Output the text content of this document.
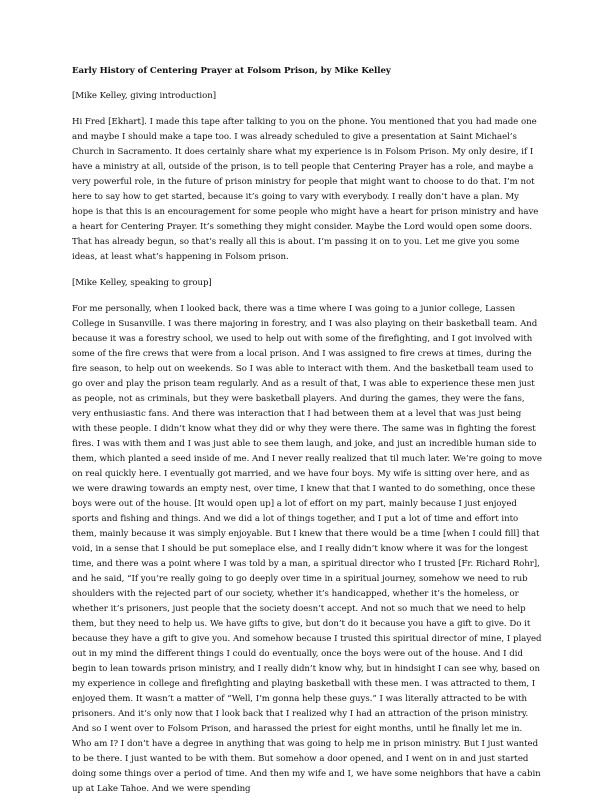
Early History of Centering Prayer at Folsom Prison, by Mike Kelley
[Mike Kelley, giving introduction]
Hi Fred [Ekhart]. I made this tape after talking to you on the phone. You mentioned that you had made one and maybe I should make a tape too. I was already scheduled to give a presentation at Saint Michael’s Church in Sacramento. It does certainly share what my experience is in Folsom Prison. My only desire, if I have a ministry at all, outside of the prison, is to tell people that Centering Prayer has a role, and maybe a very powerful role, in the future of prison ministry for people that might want to choose to do that. I’m not here to say how to get started, because it’s going to vary with everybody. I really don’t have a plan. My hope is that this is an encouragement for some people who might have a heart for prison ministry and have a heart for Centering Prayer. It’s something they might consider. Maybe the Lord would open some doors. That has already begun, so that’s really all this is about. I’m passing it on to you. Let me give you some ideas, at least what’s happening in Folsom prison.
[Mike Kelley, speaking to group]
For me personally, when I looked back, there was a time where I was going to a junior college, Lassen College in Susanville. I was there majoring in forestry, and I was also playing on their basketball team. And because it was a forestry school, we used to help out with some of the firefighting, and I got involved with some of the fire crews that were from a local prison. And I was assigned to fire crews at times, during the fire season, to help out on weekends. So I was able to interact with them. And the basketball team used to go over and play the prison team regularly. And as a result of that, I was able to experience these men just as people, not as criminals, but they were basketball players. And during the games, they were the fans, very enthusiastic fans. And there was interaction that I had between them at a level that was just being with these people. I didn’t know what they did or why they were there. The same was in fighting the forest fires. I was with them and I was just able to see them laugh, and joke, and just an incredible human side to them, which planted a seed inside of me. And I never really realized that til much later. We’re going to move on real quickly here. I eventually got married, and we have four boys. My wife is sitting over here, and as we were drawing towards an empty nest, over time, I knew that that I wanted to do something, once these boys were out of the house. [It would open up] a lot of effort on my part, mainly because I just enjoyed sports and fishing and things. And we did a lot of things together, and I put a lot of time and effort into them, mainly because it was simply enjoyable. But I knew that there would be a time [when I could fill] that void, in a sense that I should be put someplace else, and I really didn’t know where it was for the longest time, and there was a point where I was told by a man, a spiritual director who I trusted [Fr. Richard Rohr], and he said, “If you’re really going to go deeply over time in a spiritual journey, somehow we need to rub shoulders with the rejected part of our society, whether it’s handicapped, whether it’s the homeless, or whether it’s prisoners, just people that the society doesn’t accept. And not so much that we need to help them, but they need to help us. We have gifts to give, but don’t do it because you have a gift to give. Do it because they have a gift to give you. And somehow because I trusted this spiritual director of mine, I played out in my mind the different things I could do eventually, once the boys were out of the house. And I did begin to lean towards prison ministry, and I really didn’t know why, but in hindsight I can see why, based on my experience in college and firefighting and playing basketball with these men. I was attracted to them, I enjoyed them. It wasn’t a matter of “Well, I’m gonna help these guys.” I was literally attracted to be with prisoners. And it’s only now that I look back that I realized why I had an attraction of the prison ministry. And so I went over to Folsom Prison, and harassed the priest for eight months, until he finally let me in. Who am I? I don’t have a degree in anything that was going to help me in prison ministry. But I just wanted to be there. I just wanted to be with them. But somehow a door opened, and I went on in and just started doing some things over a period of time. And then my wife and I, we have some neighbors that have a cabin up at Lake Tahoe. And we were spending
